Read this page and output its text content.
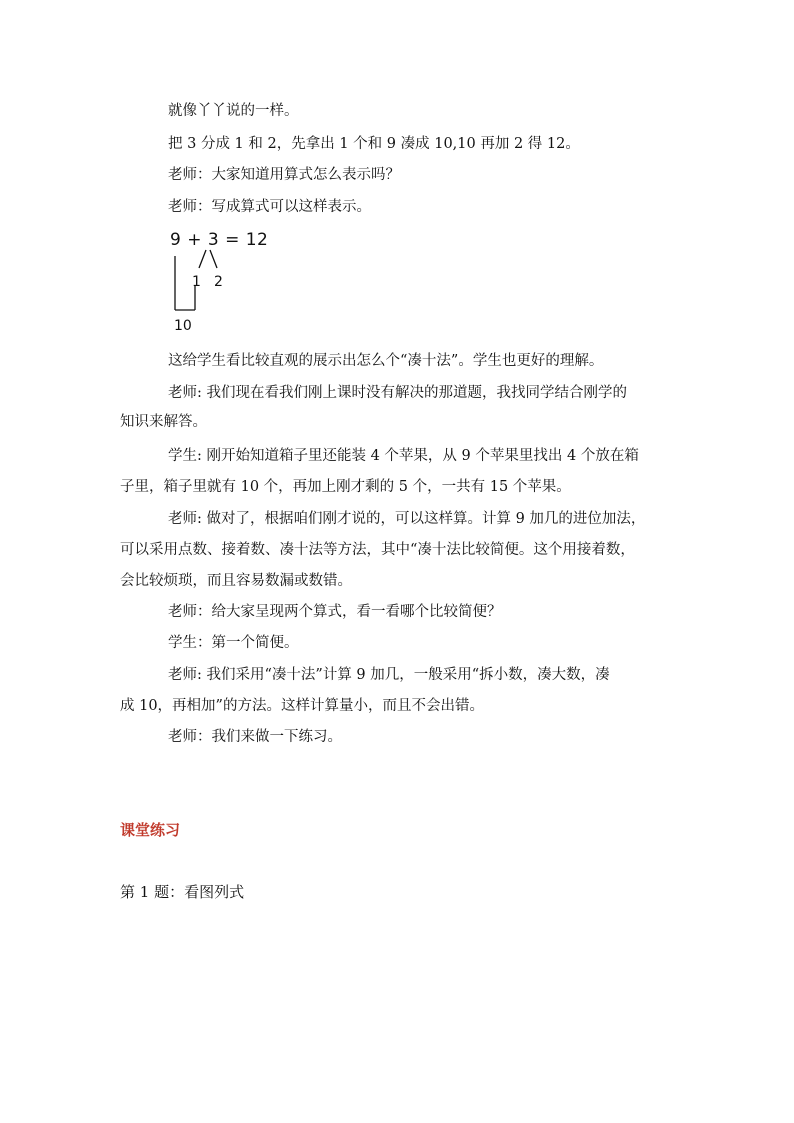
就像丫丫说的一样。
把 3 分成 1 和 2，先拿出 1 个和 9 凑成 10,10 再加 2 得 12。
老师：大家知道用算式怎么表示吗？
老师：写成算式可以这样表示。
9 + 3 = 12
1 2
10
这给学生看比较直观的展示出怎么个“凑十法”。学生也更好的理解。
老师: 我们现在看我们刚上课时没有解决的那道题，我找同学结合刚学的
知识来解答。
学生: 刚开始知道箱子里还能装 4 个苹果，从 9 个苹果里找出 4 个放在箱
子里，箱子里就有 10 个，再加上刚才剩的 5 个，一共有 15 个苹果。
老师: 做对了，根据咱们刚才说的，可以这样算。计算 9 加几的进位加法，
可以采用点数、接着数、凑十法等方法，其中“凑十法比较简便。这个用接着数，
会比较烦琐，而且容易数漏或数错。
老师：给大家呈现两个算式，看一看哪个比较简便？
学生：第一个简便。
老师: 我们采用“凑十法”计算 9 加几，一般采用“拆小数，凑大数，凑
成 10，再相加”的方法。这样计算量小，而且不会出错。
老师：我们来做一下练习。
课堂练习
第 1 题：看图列式
